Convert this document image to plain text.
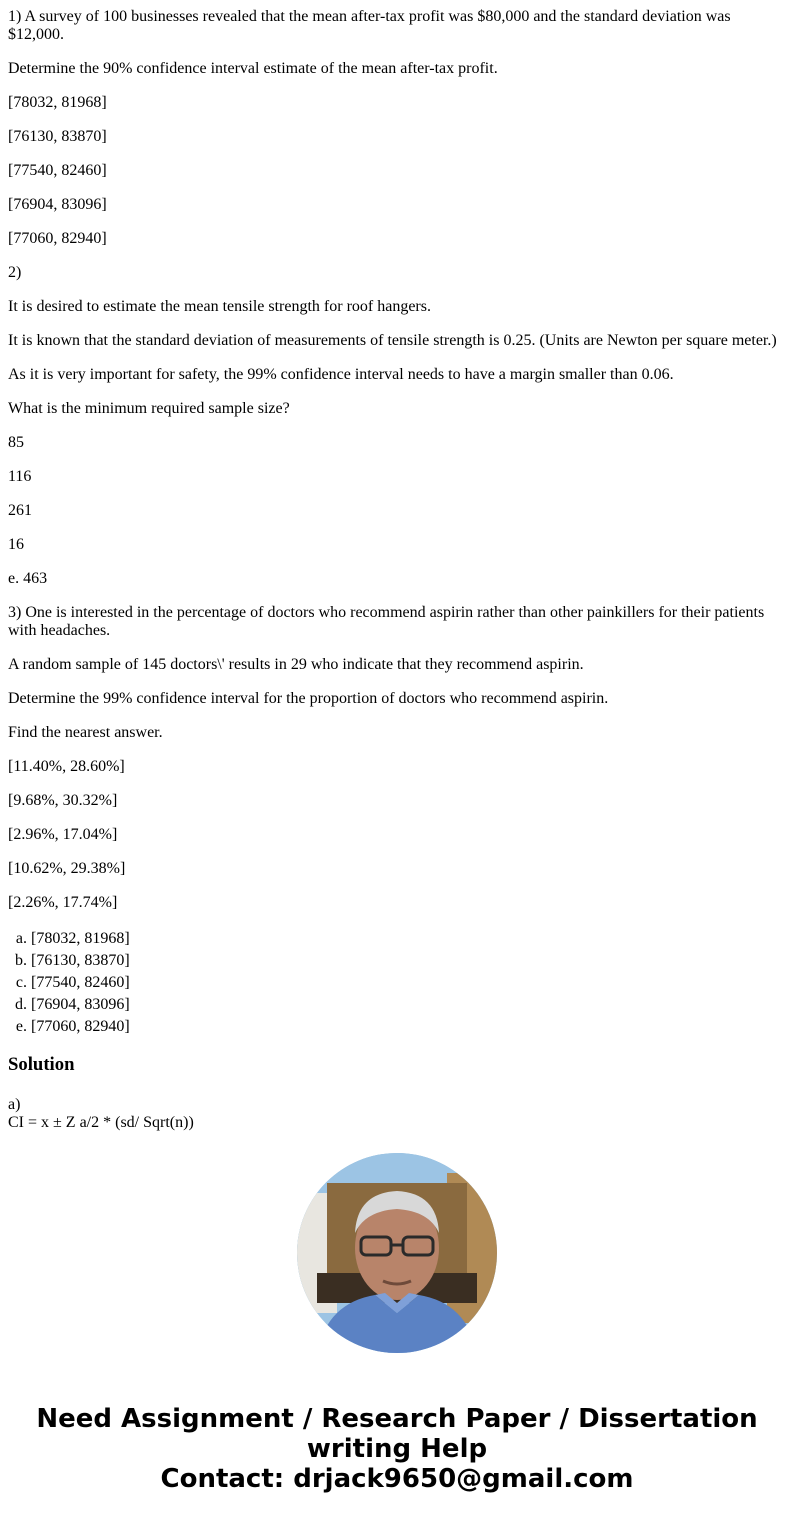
1) A survey of 100 businesses revealed that the mean after-tax profit was $80,000 and the standard deviation was $12,000.

Determine the 90% confidence interval estimate of the mean after-tax profit.

[78032, 81968]

[76130, 83870]

[77540, 82460]

[76904, 83096]

[77060, 82940]

2)

It is desired to estimate the mean tensile strength for roof hangers.

It is known that the standard deviation of measurements of tensile strength is 0.25. (Units are Newton per square meter.)

As it is very important for safety, the 99% confidence interval needs to have a margin smaller than 0.06.

What is the minimum required sample size?

85

116

261

16

e. 463

3) One is interested in the percentage of doctors who recommend aspirin rather than other painkillers for their patients with headaches.

A random sample of 145 doctors\' results in 29 who indicate that they recommend aspirin.

Determine the 99% confidence interval for the proportion of doctors who recommend aspirin.

Find the nearest answer.

[11.40%, 28.60%]

[9.68%, 30.32%]

[2.96%, 17.04%]

[10.62%, 29.38%]

[2.26%, 17.74%]

a. [78032, 81968]
b. [76130, 83870]
c. [77540, 82460]
d. [76904, 83096]
e. [77060, 82940]
Solution
a)
CI = x ± Z a/2 * (sd/ Sqrt(n))
Need Assignment / Research Paper / Dissertation
writing Help
Contact: drjack9650@gmail.com
